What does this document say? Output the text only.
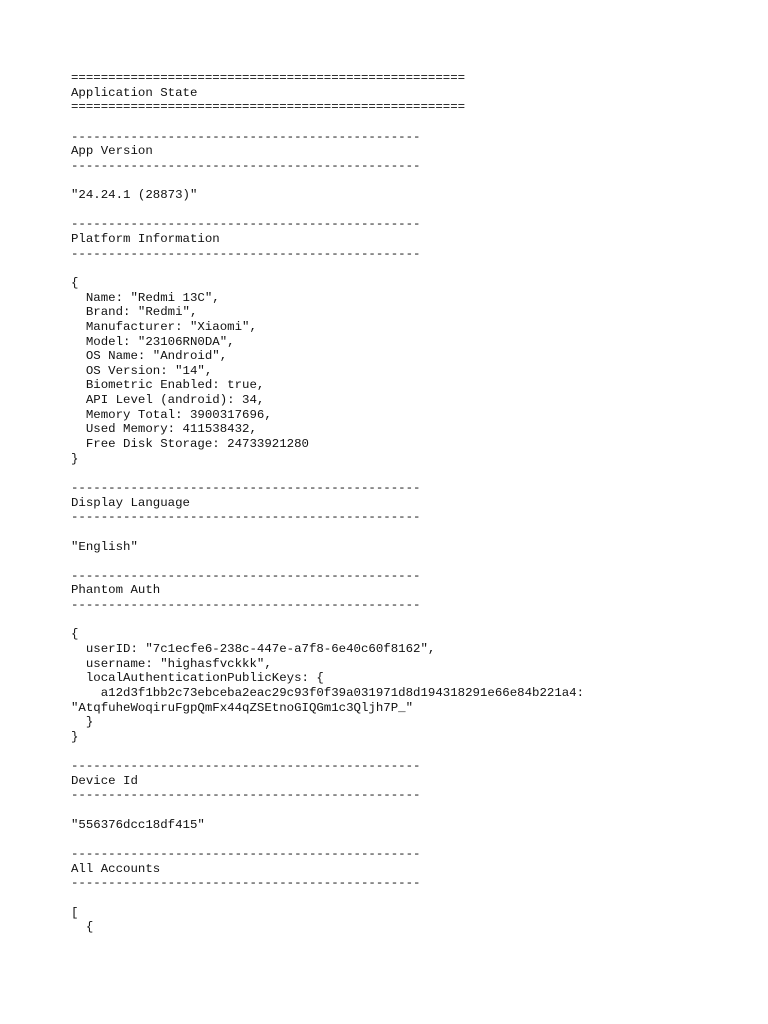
=====================================================
Application State
=====================================================

-----------------------------------------------
App Version
-----------------------------------------------

"24.24.1 (28873)"

-----------------------------------------------
Platform Information
-----------------------------------------------

{
Name: "Redmi 13C",
Brand: "Redmi",
Manufacturer: "Xiaomi",
Model: "23106RN0DA",
OS Name: "Android",
OS Version: "14",
Biometric Enabled: true,
API Level (android): 34,
Memory Total: 3900317696,
Used Memory: 411538432,
Free Disk Storage: 24733921280
}

-----------------------------------------------
Display Language
-----------------------------------------------

"English"

-----------------------------------------------
Phantom Auth
-----------------------------------------------

{
userID: "7c1ecfe6-238c-447e-a7f8-6e40c60f8162",
username: "highasfvckkk",
localAuthenticationPublicKeys: {
a12d3f1bb2c73ebceba2eac29c93f0f39a031971d8d194318291e66e84b221a4:
"AtqfuheWoqiruFgpQmFx44qZSEtnoGIQGm1c3Qljh7P_"
}
}

-----------------------------------------------
Device Id
-----------------------------------------------

"556376dcc18df415"

-----------------------------------------------
All Accounts
-----------------------------------------------

[
{
